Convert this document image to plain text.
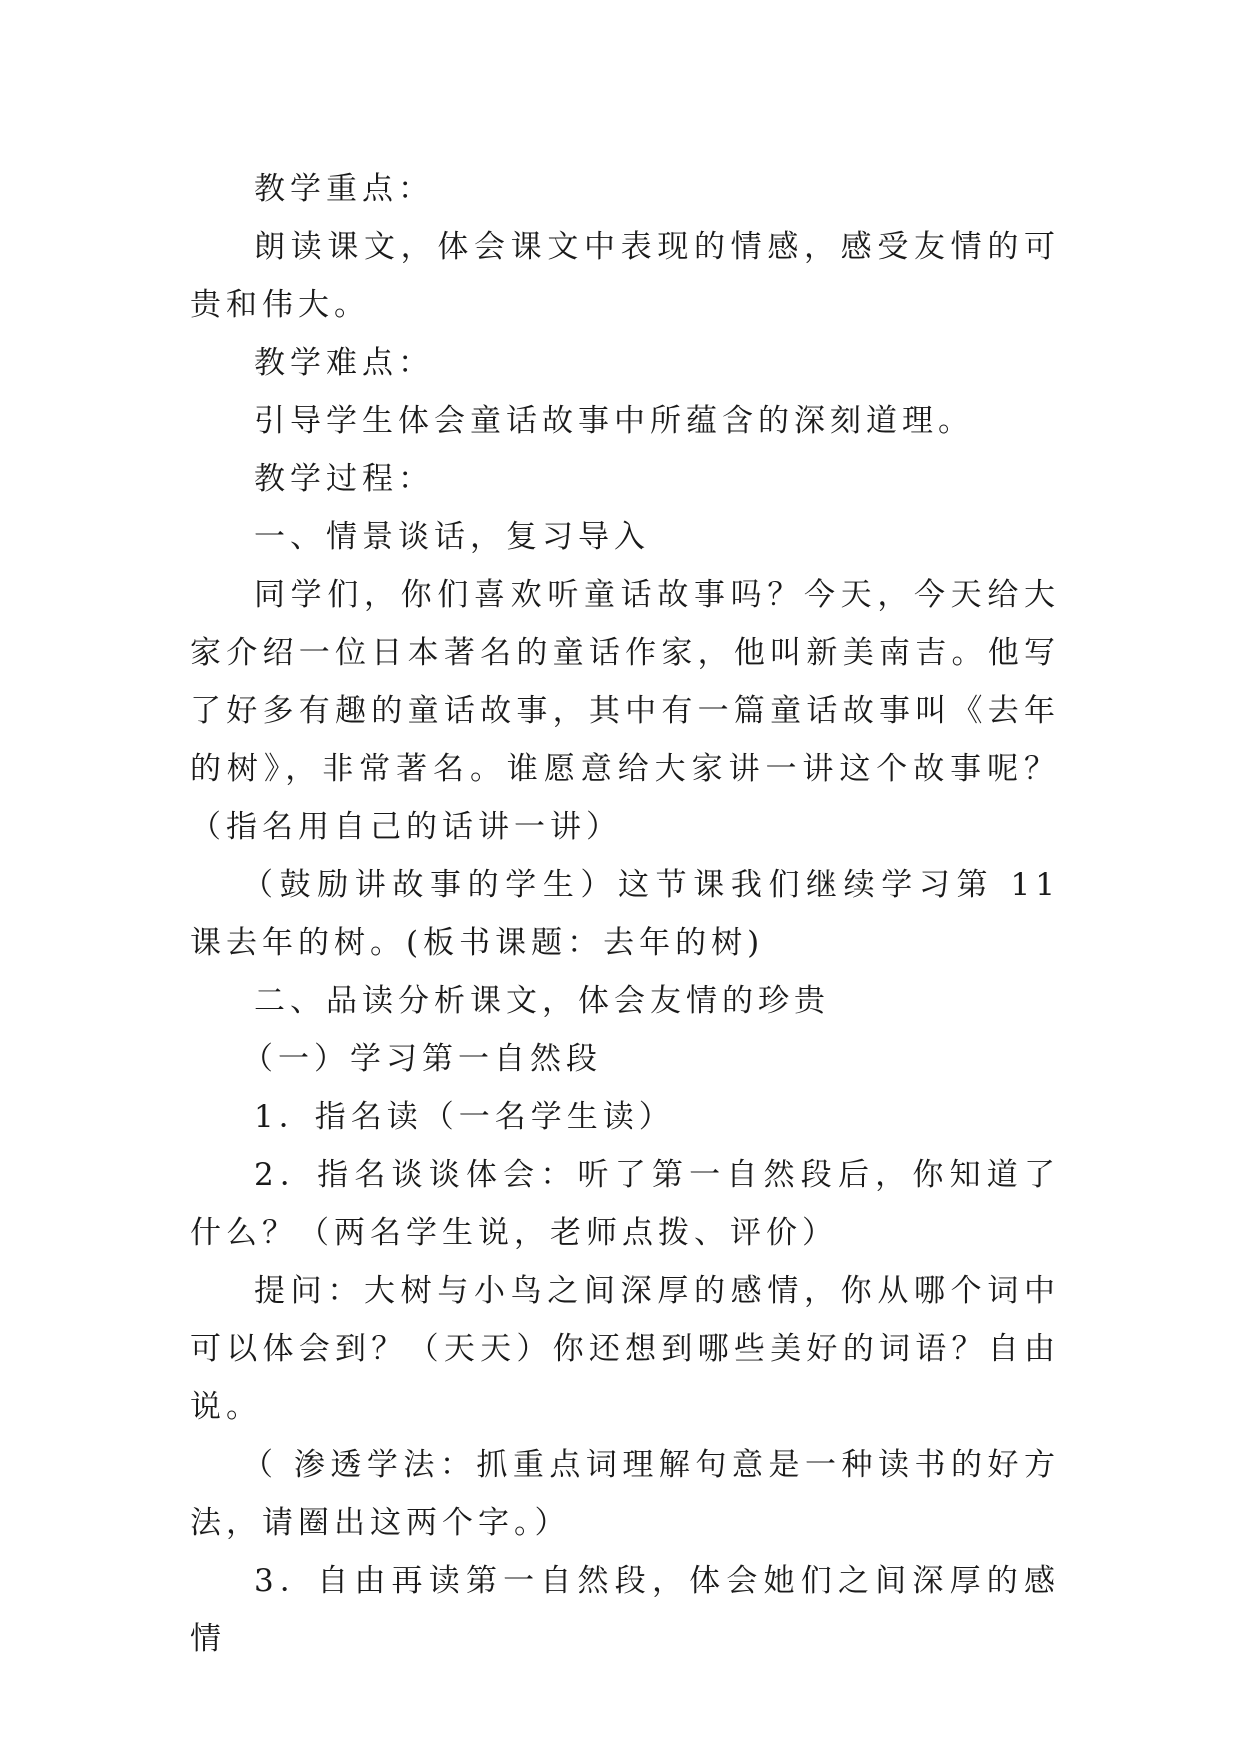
教学重点：

朗读课文，体会课文中表现的情感，感受友情的可贵和伟大。

教学难点：

引导学生体会童话故事中所蕴含的深刻道理。

教学过程：

一、情景谈话，复习导入

同学们，你们喜欢听童话故事吗？今天，今天给大家介绍一位日本著名的童话作家，他叫新美南吉。他写了好多有趣的童话故事，其中有一篇童话故事叫《去年的树》，非常著名。谁愿意给大家讲一讲这个故事呢？（指名用自己的话讲一讲）

（鼓励讲故事的学生）这节课我们继续学习第 11 课去年的树。(板书课题：去年的树)

二、品读分析课文，体会友情的珍贵

（一）学习第一自然段

1．指名读（一名学生读）

2．指名谈谈体会：听了第一自然段后，你知道了什么？（两名学生说，老师点拨、评价）

提问：大树与小鸟之间深厚的感情，你从哪个词中可以体会到？（天天）你还想到哪些美好的词语？自由说。

（ 渗透学法：抓重点词理解句意是一种读书的好方法，请圈出这两个字。）

3．自由再读第一自然段，体会她们之间深厚的感情
